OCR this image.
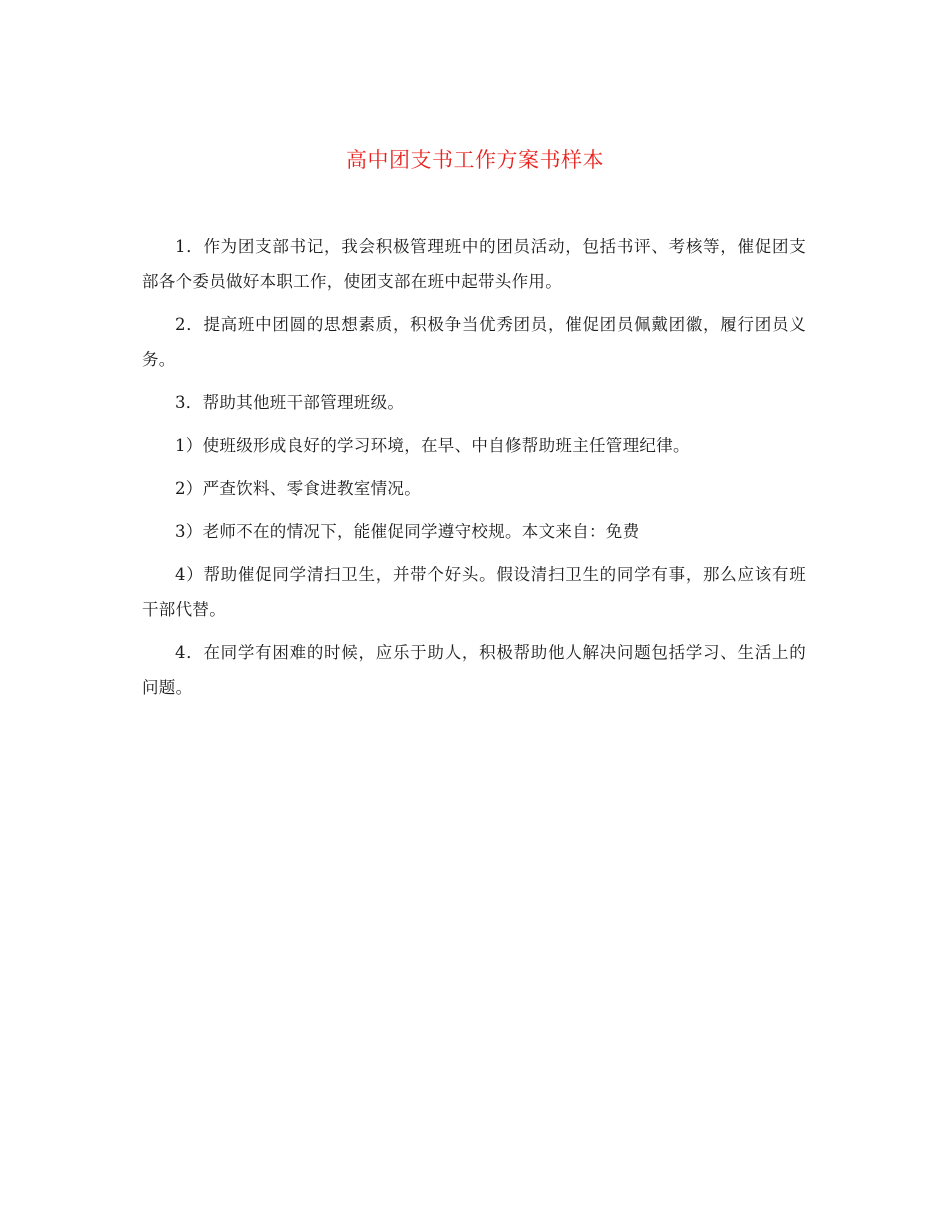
高中团支书工作方案书样本

1．作为团支部书记，我会积极管理班中的团员活动，包括书评、考核等，催促团支部各个委员做好本职工作，使团支部在班中起带头作用。

2．提高班中团圆的思想素质，积极争当优秀团员，催促团员佩戴团徽，履行团员义务。

3．帮助其他班干部管理班级。

1）使班级形成良好的学习环境，在早、中自修帮助班主任管理纪律。

2）严查饮料、零食进教室情况。

3）老师不在的情况下，能催促同学遵守校规。本文来自：免费

4）帮助催促同学清扫卫生，并带个好头。假设清扫卫生的同学有事，那么应该有班干部代替。

4．在同学有困难的时候，应乐于助人，积极帮助他人解决问题包括学习、生活上的问题。
